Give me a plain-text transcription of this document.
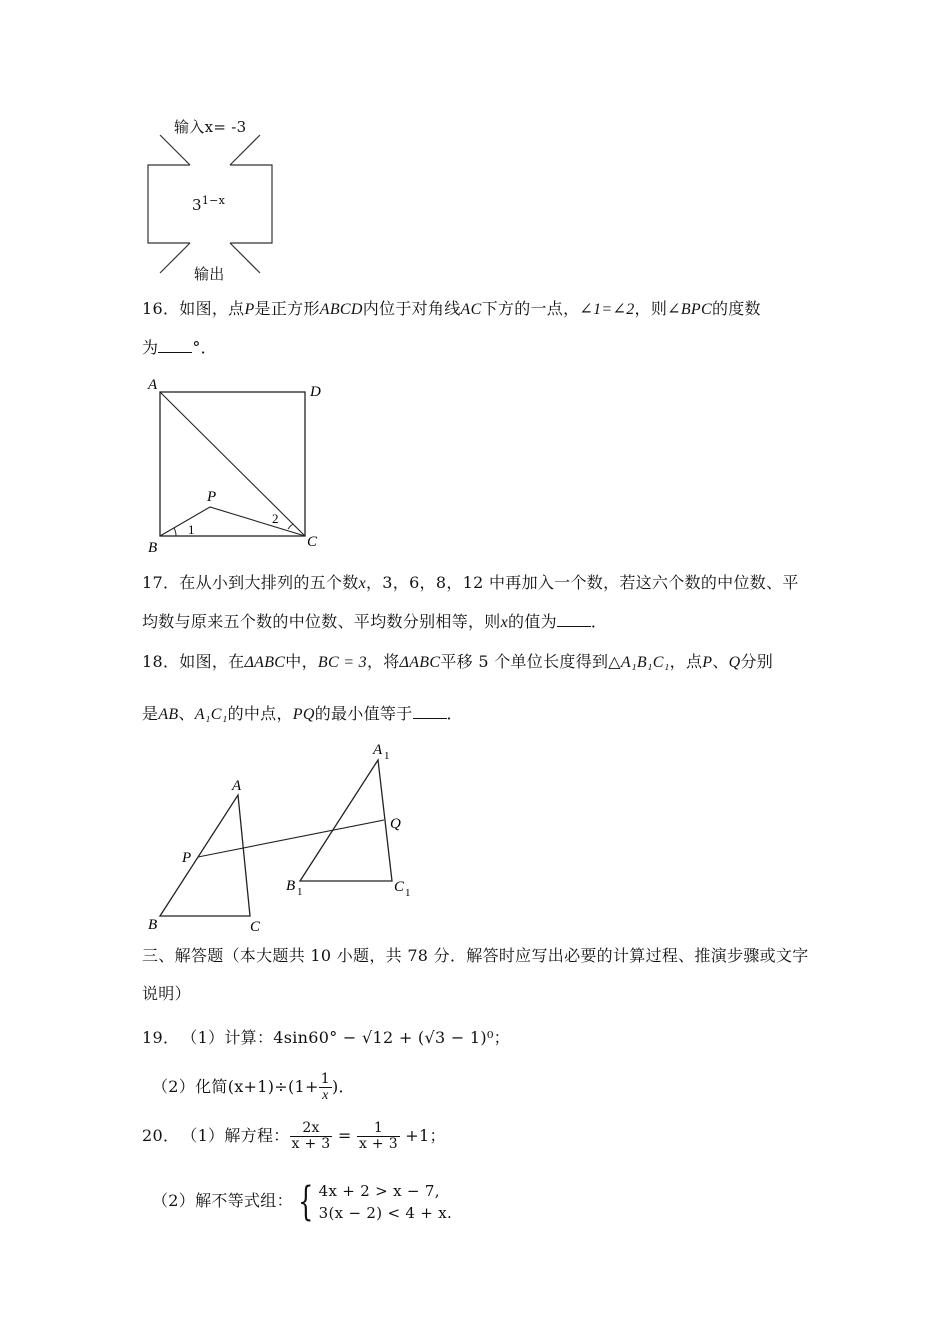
输入x= -3
$3^{1-x}$
输出
16．如图，点P是正方形ABCD内位于对角线AC下方的一点，∠1=∠2，则∠BPC的度数
为 °．
A	D
B	C
P
1
2
17．在从小到大排列的五个数x，3，6，8，12 中再加入一个数，若这六个数的中位数、平
均数与原来五个数的中位数、平均数分别相等，则x的值为 ．
18．如图，在ΔABC中，BC = 3，将ΔABC平移 5 个单位长度得到△A₁B₁C₁，点P、Q分别
是AB、A₁C₁的中点，PQ的最小值等于 ．
A
B	C
P
Q
A 1
B 1	C 1
三、解答题（本大题共 10 小题，共 78 分．解答时应写出必要的计算过程、推演步骤或文字
说明）
19． （1）计算：4sin60° − √12 + (√3 − 1)⁰；
（2）化简$(x+1)\div(1+ \frac{1}{x}$ )．
20． （1）解方程： $\frac{2x}{x + 3} = \frac{1}{x + 3} +1$；
（2）解不等式组： { 4x + 2 > x − 7,
3(x − 2) < 4 + x.
